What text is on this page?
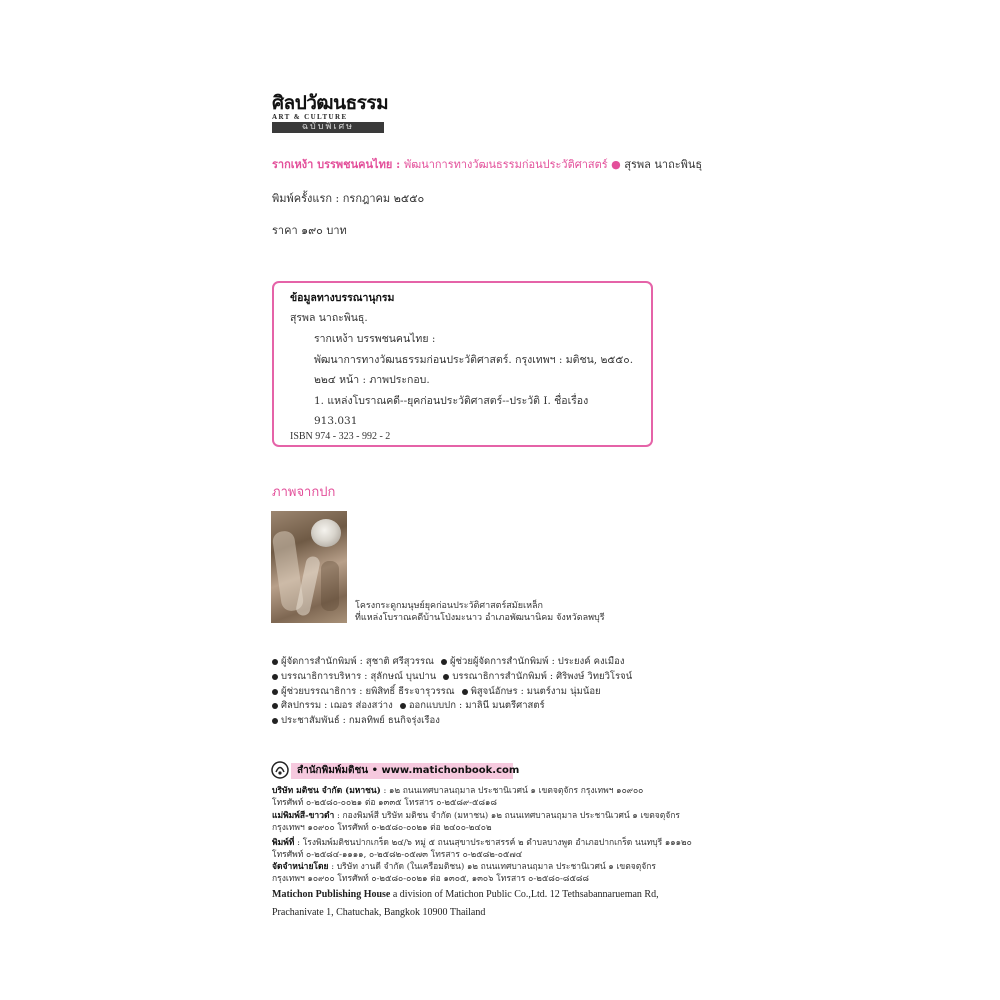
ศิลปวัฒนธรรม
ART & CULTURE
ฉบับพิเศษ
รากเหง้า บรรพชนคนไทย : พัฒนาการทางวัฒนธรรมก่อนประวัติศาสตร์ ● สุรพล นาถะพินธุ
พิมพ์ครั้งแรก : กรกฎาคม ๒๕๕๐
ราคา ๑๙๐ บาท
ข้อมูลทางบรรณานุกรม
สุรพล นาถะพินธุ.
รากเหง้า บรรพชนคนไทย :
พัฒนาการทางวัฒนธรรมก่อนประวัติศาสตร์. กรุงเทพฯ : มติชน, ๒๕๕๐.
๒๒๔ หน้า : ภาพประกอบ.
1. แหล่งโบราณคดี--ยุคก่อนประวัติศาสตร์--ประวัติ I. ชื่อเรื่อง
913.031
ISBN 974 - 323 - 992 - 2
ภาพจากปก
โครงกระดูกมนุษย์ยุคก่อนประวัติศาสตร์สมัยเหล็ก
ที่แหล่งโบราณคดีบ้านโป่งมะนาว อำเภอพัฒนานิคม จังหวัดลพบุรี
ผู้จัดการสำนักพิมพ์ : สุชาติ ศรีสุวรรณ ผู้ช่วยผู้จัดการสำนักพิมพ์ : ประยงค์ คงเมือง
บรรณาธิการบริหาร : สุลักษณ์ บุนปาน บรรณาธิการสำนักพิมพ์ : ศิริพงษ์ วิทยวิโรจน์
ผู้ช่วยบรรณาธิการ : ยพิสิทธิ์ ธีระจารุวรรณ พิสูจน์อักษร : มนตร์งาม นุ่มน้อย
ศิลปกรรม : เฌอร ส่องสว่าง ออกแบบปก : มาลินี มนตรีศาสตร์
ประชาสัมพันธ์ : กมลทิพย์ ธนกิจรุ่งเรือง
สำนักพิมพ์มติชน • www.matichonbook.com
บริษัท มติชน จำกัด (มหาชน) : ๑๒ ถนนเทศบาลนฤมาล ประชานิเวศน์ ๑ เขตจตุจักร กรุงเทพฯ ๑๐๙๐๐
โทรศัพท์ ๐-๒๕๘๐-๐๐๒๑ ต่อ ๑๓๓๕ โทรสาร ๐-๒๕๘๙-๕๘๑๘
แม่พิมพ์สี-ขาวดำ : กองพิมพ์สี บริษัท มติชน จำกัด (มหาชน) ๑๒ ถนนเทศบาลนฤมาล ประชานิเวศน์ ๑ เขตจตุจักร
กรุงเทพฯ ๑๐๙๐๐ โทรศัพท์ ๐-๒๕๘๐-๐๐๒๑ ต่อ ๒๔๐๐-๒๔๐๒
พิมพ์ที่ : โรงพิมพ์มติชนปากเกร็ด ๒๔/๖ หมู่ ๕ ถนนสุขาประชาสรรค์ ๒ ตำบลบางพูด อำเภอปากเกร็ด นนทบุรี ๑๑๑๒๐
โทรศัพท์ ๐-๒๕๘๔-๑๑๑๑, ๐-๒๕๘๒-๐๕๗๓ โทรสาร ๐-๒๕๘๒-๐๕๗๔
จัดจำหน่ายโดย : บริษัท งานดี จำกัด (ในเครือมติชน) ๑๒ ถนนเทศบาลนฤมาล ประชานิเวศน์ ๑ เขตจตุจักร
กรุงเทพฯ ๑๐๙๐๐ โทรศัพท์ ๐-๒๕๘๐-๐๐๒๑ ต่อ ๑๓๐๕, ๑๓๐๖ โทรสาร ๐-๒๕๘๐-๘๕๘๘
Matichon Publishing House a division of Matichon Public Co.,Ltd. 12 Tethsabannarueman Rd,
Prachanivate 1, Chatuchak, Bangkok 10900 Thailand
